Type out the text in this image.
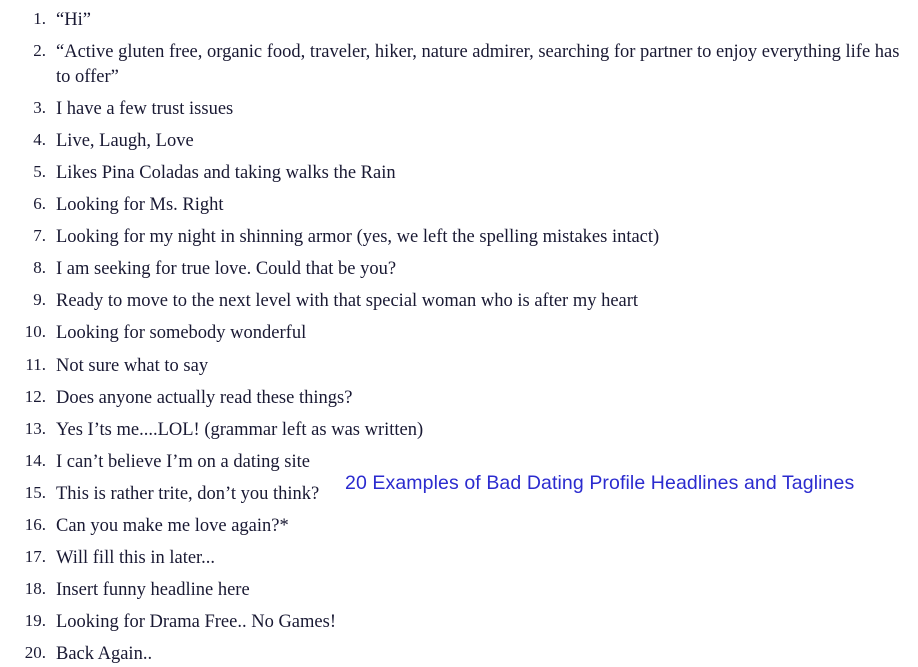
“Hi”
“Active gluten free, organic food, traveler, hiker, nature admirer, searching for partner to enjoy everything life has to offer”
I have a few trust issues
Live, Laugh, Love
Likes Pina Coladas and taking walks the Rain
Looking for Ms. Right
Looking for my night in shinning armor (yes, we left the spelling mistakes intact)
I am seeking for true love. Could that be you?
Ready to move to the next level with that special woman who is after my heart
Looking for somebody wonderful
Not sure what to say
Does anyone actually read these things?
Yes I’ts me....LOL! (grammar left as was written)
I can’t believe I’m on a dating site
This is rather trite, don’t you think?
Can you make me love again?*
Will fill this in later...
Insert funny headline here
Looking for Drama Free.. No Games!
Back Again..
20 Examples of Bad Dating Profile Headlines and Taglines
